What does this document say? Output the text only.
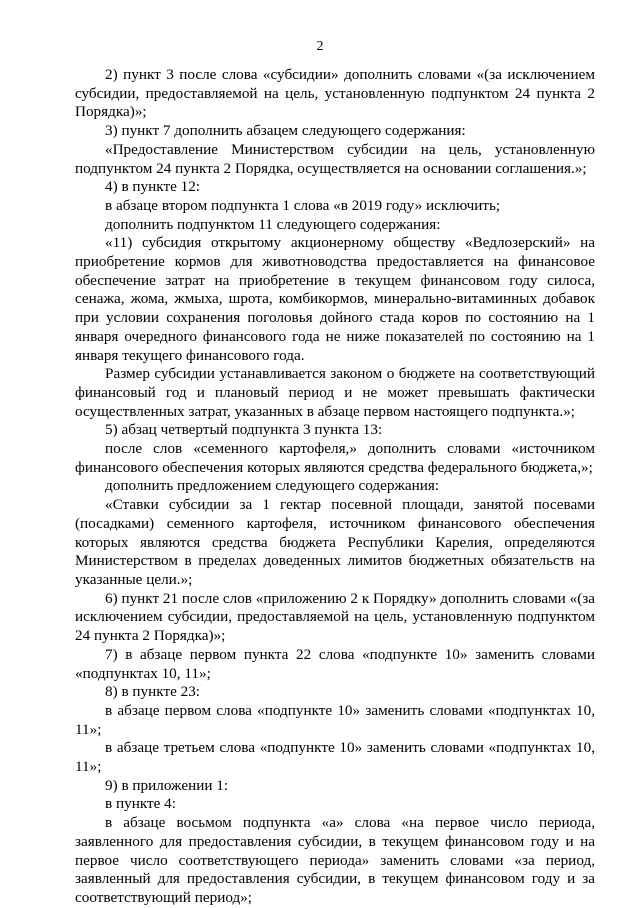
2

2) пункт 3 после слова «субсидии» дополнить словами «(за исключением субсидии, предоставляемой на цель, установленную подпунктом 24 пункта 2 Порядка)»;

3) пункт 7 дополнить абзацем следующего содержания:

«Предоставление Министерством субсидии на цель, установленную подпунктом 24 пункта 2 Порядка, осуществляется на основании соглашения.»;

4) в пункте 12:

в абзаце втором подпункта 1 слова «в 2019 году» исключить;

дополнить подпунктом 11 следующего содержания:

«11) субсидия открытому акционерному обществу «Ведлозерский» на приобретение кормов для животноводства предоставляется на финансовое обеспечение затрат на приобретение в текущем финансовом году силоса, сенажа, жома, жмыха, шрота, комбикормов, минерально-витаминных добавок при условии сохранения поголовья дойного стада коров по состоянию на 1 января очередного финансового года не ниже показателей по состоянию на 1 января текущего финансового года.

Размер субсидии устанавливается законом о бюджете на соответствующий финансовый год и плановый период и не может превышать фактически осуществленных затрат, указанных в абзаце первом настоящего подпункта.»;

5) абзац четвертый подпункта 3 пункта 13:

после слов «семенного картофеля,» дополнить словами «источником финансового обеспечения которых являются средства федерального бюджета,»;

дополнить предложением следующего содержания:

«Ставки субсидии за 1 гектар посевной площади, занятой посевами (посадками) семенного картофеля, источником финансового обеспечения которых являются средства бюджета Республики Карелия, определяются Министерством в пределах доведенных лимитов бюджетных обязательств на указанные цели.»;

6) пункт 21 после слов «приложению 2 к Порядку» дополнить словами «(за исключением субсидии, предоставляемой на цель, установленную подпунктом 24 пункта 2 Порядка)»;

7) в абзаце первом пункта 22 слова «подпункте 10» заменить словами «подпунктах 10, 11»;

8) в пункте 23:

в абзаце первом слова «подпункте 10» заменить словами «подпунктах 10, 11»;

в абзаце третьем слова «подпункте 10» заменить словами «подпунктах 10, 11»;

9) в приложении 1:

в пункте 4:

в абзаце восьмом подпункта «а» слова «на первое число периода, заявленного для предоставления субсидии, в текущем финансовом году и на первое число соответствующего периода» заменить словами «за период, заявленный для предоставления субсидии, в текущем финансовом году и за соответствующий период»;
